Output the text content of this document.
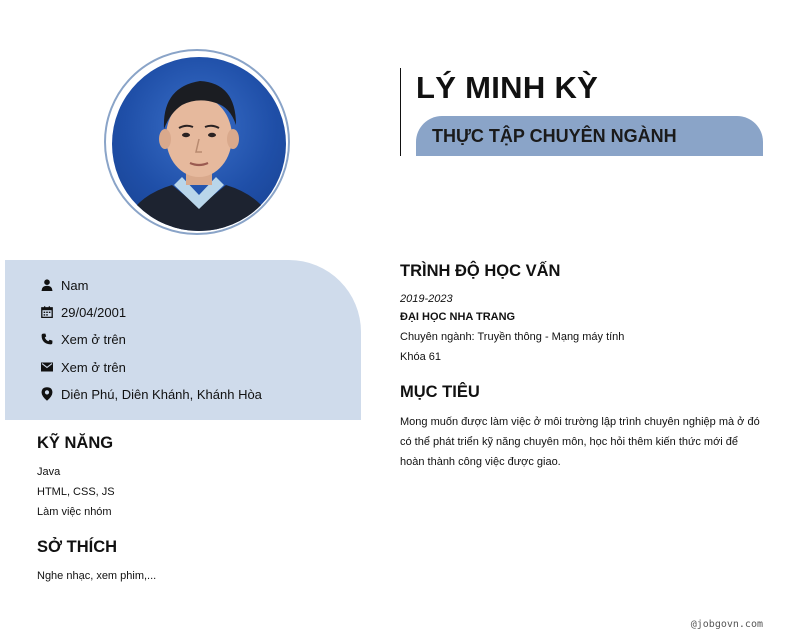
LÝ MINH KỲ
THỰC TẬP CHUYÊN NGÀNH
Nam
29/04/2001
Xem ở trên
Xem ở trên
Diên Phú, Diên Khánh, Khánh Hòa
KỸ NĂNG
Java
HTML, CSS, JS
Làm việc nhóm
SỞ THÍCH
Nghe nhạc, xem phim,...
TRÌNH ĐỘ HỌC VẤN
2019-2023
ĐẠI HỌC NHA TRANG
Chuyên ngành: Truyền thông - Mạng máy tính
Khóa 61
MỤC TIÊU
Mong muốn được làm việc ở môi trường lập trình chuyên nghiệp mà ở đó
có thể phát triển kỹ năng chuyên môn, học hỏi thêm kiến thức mới để
hoàn thành công việc được giao.
@jobgovn.com
